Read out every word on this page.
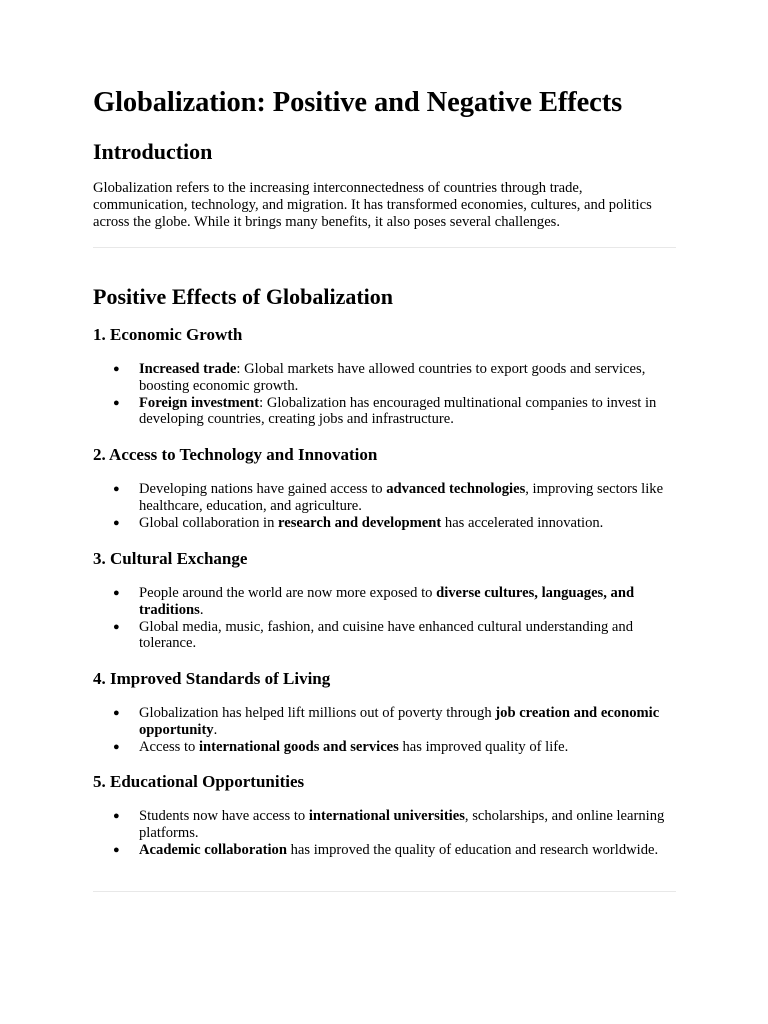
Globalization: Positive and Negative Effects
Introduction

Globalization refers to the increasing interconnectedness of countries through trade, communication, technology, and migration. It has transformed economies, cultures, and politics across the globe. While it brings many benefits, it also poses several challenges.

Positive Effects of Globalization
1. Economic Growth
● Increased trade: Global markets have allowed countries to export goods and services, boosting economic growth.
● Foreign investment: Globalization has encouraged multinational companies to invest in developing countries, creating jobs and infrastructure.
2. Access to Technology and Innovation
● Developing nations have gained access to advanced technologies, improving sectors like healthcare, education, and agriculture.
● Global collaboration in research and development has accelerated innovation.
3. Cultural Exchange
● People around the world are now more exposed to diverse cultures, languages, and traditions.
● Global media, music, fashion, and cuisine have enhanced cultural understanding and tolerance.
4. Improved Standards of Living
● Globalization has helped lift millions out of poverty through job creation and economic opportunity.
● Access to international goods and services has improved quality of life.
5. Educational Opportunities
● Students now have access to international universities, scholarships, and online learning platforms.
● Academic collaboration has improved the quality of education and research worldwide.
